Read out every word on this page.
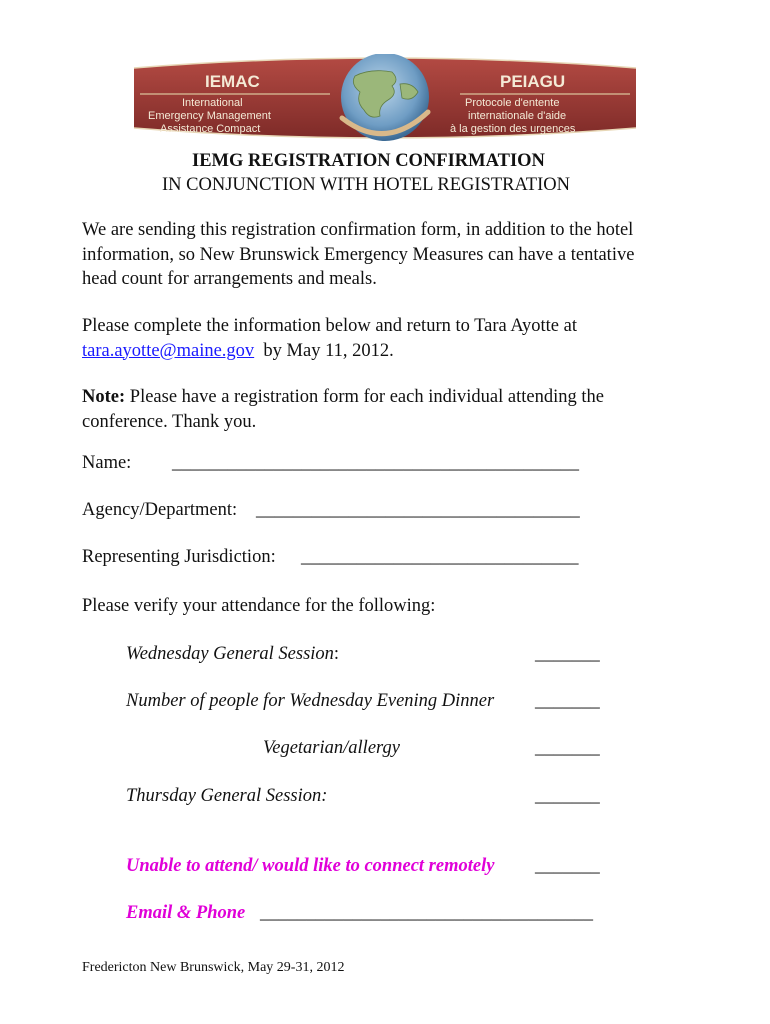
IEMAC
International
Emergency Management
Assistance Compact
PEIAGU
Protocole d'entente
internationale d'aide
à la gestion des urgences
IEMG REGISTRATION CONFIRMATION
IN CONJUNCTION WITH HOTEL REGISTRATION
We are sending this registration confirmation form, in addition to the hotel
information, so New Brunswick Emergency Measures can have a tentative
head count for arrangements and meals.
Please complete the information below and return to Tara Ayotte at
tara.ayotte@maine.gov  by May 11, 2012.
Note: Please have a registration form for each individual attending the
conference. Thank you.
Name: ____________________________________________
Agency/Department: ___________________________________
Representing Jurisdiction: ______________________________
Please verify your attendance for the following:
Wednesday General Session:	_______
Number of people for Wednesday Evening Dinner _______
Vegetarian/allergy	_______
Thursday General Session:	_______
Unable to attend/ would like to connect remotely _______
Email & Phone ____________________________________
Fredericton New Brunswick, May 29-31, 2012
